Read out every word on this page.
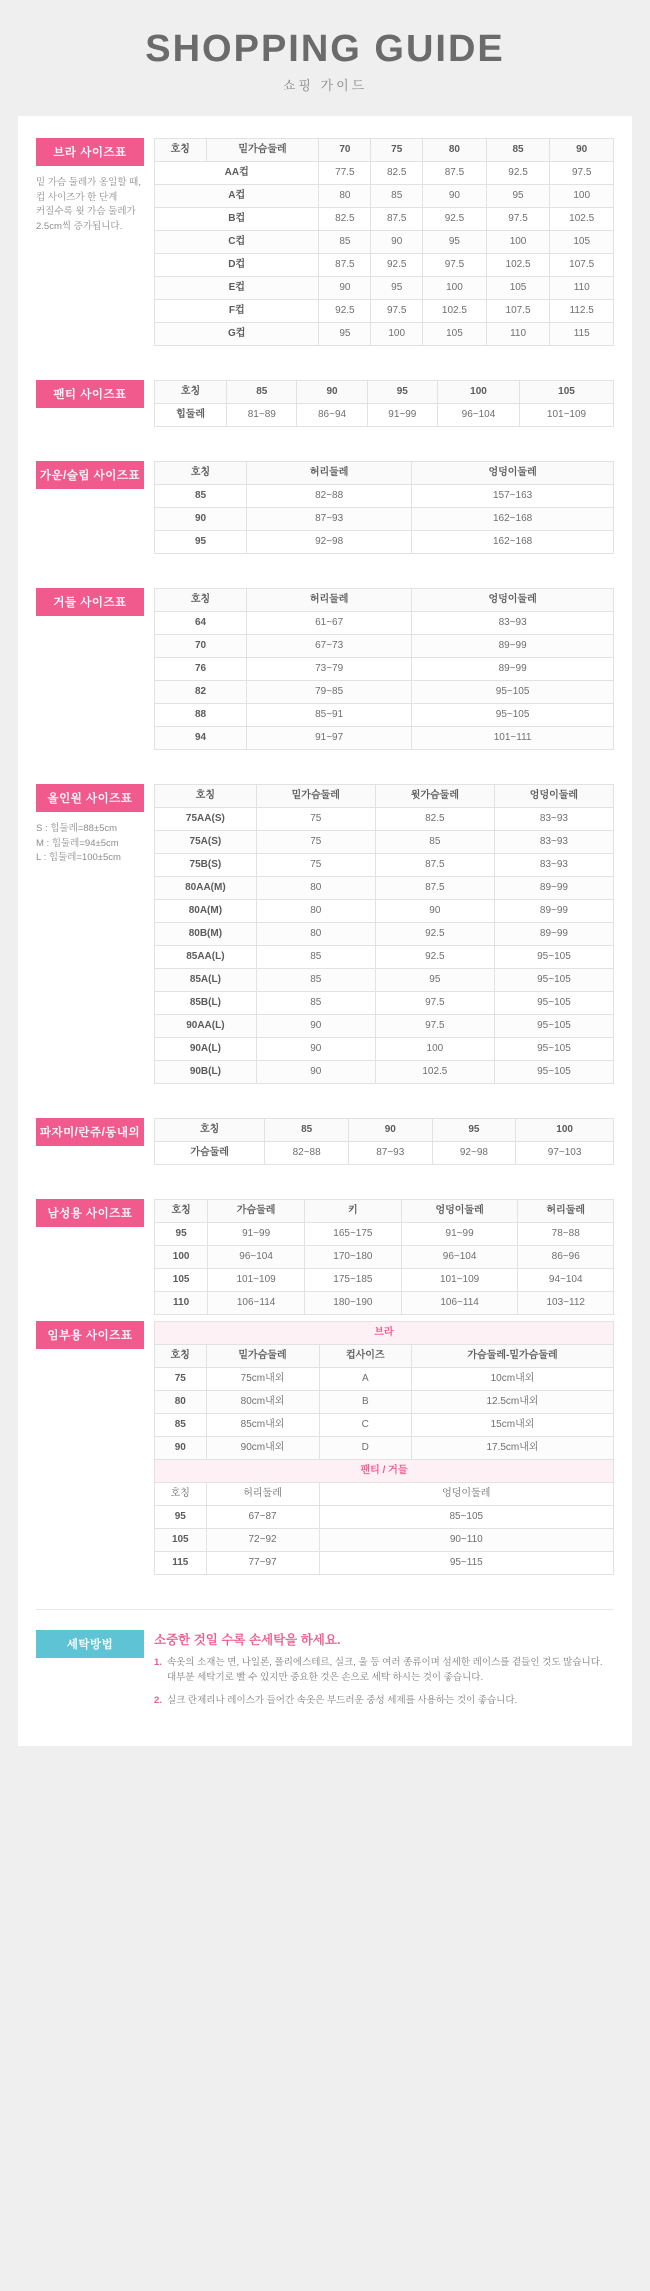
SHOPPING GUIDE
쇼핑 가이드
브라 사이즈표

밑 가슴 둘레가 옹일할 때,

컵 사이즈가 한 단계

커질수록 윗 가슴 둘레가

2.5cm씩 증가됩니다.

호칭	밑가슴둘레	70	75	80	85	90
AA컵		77.5	82.5	87.5	92.5	97.5
A컵		80	85	90	95	100
B컵		82.5	87.5	92.5	97.5	102.5
C컵		85	90	95	100	105
D컵		87.5	92.5	97.5	102.5	107.5
E컵		90	95	100	105	110
F컵		92.5	97.5	102.5	107.5	112.5
G컵		95	100	105	110	115
팬티 사이즈표	호칭	85	90	95	100	105
힙둘레	81~89	86~94	91~99	96~104	101~109
가운/슬립 사이즈표	호칭	허리둘레	엉덩이둘레
85	82~88	157~163
90	87~93	162~168
95	92~98	162~168
거들 사이즈표	호칭	허리둘레	엉덩이둘레
64	61~67	83~93
70	67~73	89~99
76	73~79	89~99
82	79~85	95~105
88	85~91	95~105
94	91~97	101~111
올인원 사이즈표

S : 힙둘레=88±5cm

M : 힙둘레=94±5cm

L : 힙둘레=100±5cm

호칭	밑가슴둘레	윗가슴둘레	엉덩이둘레
75AA(S)	75	82.5	83~93
75A(S)	75	85	83~93
75B(S)	75	87.5	83~93
80AA(M)	80	87.5	89~99
80A(M)	80	90	89~99
80B(M)	80	92.5	89~99
85AA(L)	85	92.5	95~105
85A(L)	85	95	95~105
85B(L)	85	97.5	95~105
90AA(L)	90	97.5	95~105
90A(L)	90	100	95~105
90B(L)	90	102.5	95~105
파자미/란쥬/동내의	호칭	85	90	95	100
가슴둘레	82~88	87~93	92~98	97~103
남성용 사이즈표	호칭	가슴둘레	키	엉덩이둘레	허리둘레
95	91~99	165~175	91~99	78~88
100	96~104	170~180	96~104	86~96
105	101~109	175~185	101~109	94~104
110	106~114	180~190	106~114	103~112
임부용 사이즈표	브라			
호칭	밑가슴둘레	컵사이즈	가슴둘레-밑가슴둘레
75	75cm내외	A	10cm내외
80	80cm내외	B	12.5cm내외
85	85cm내외	C	15cm내외
90	90cm내외	D	17.5cm내외
팬티 / 거들			
호칭	허리둘레	엉덩이둘레	
95	67~87	85~105	
105	72~92	90~110	
115	77~97	95~115	
세탁방법	소중한 것일 수록 손세탁을 하세요.
1. 속옷의 소재는 면, 나일론, 폴리에스테르, 실크, 울 등 여러 종류이며 섬세한 레이스를 곁들인 것도 많습니다. 대부분 세탁기로 빨 수 있지만 중요한 것은 손으로 세탁 하시는 것이 좋습니다.
2. 실크 란제리나 레이스가 들어간 속옷은 부드러운 중성 세제를 사용하는 것이 좋습니다.
